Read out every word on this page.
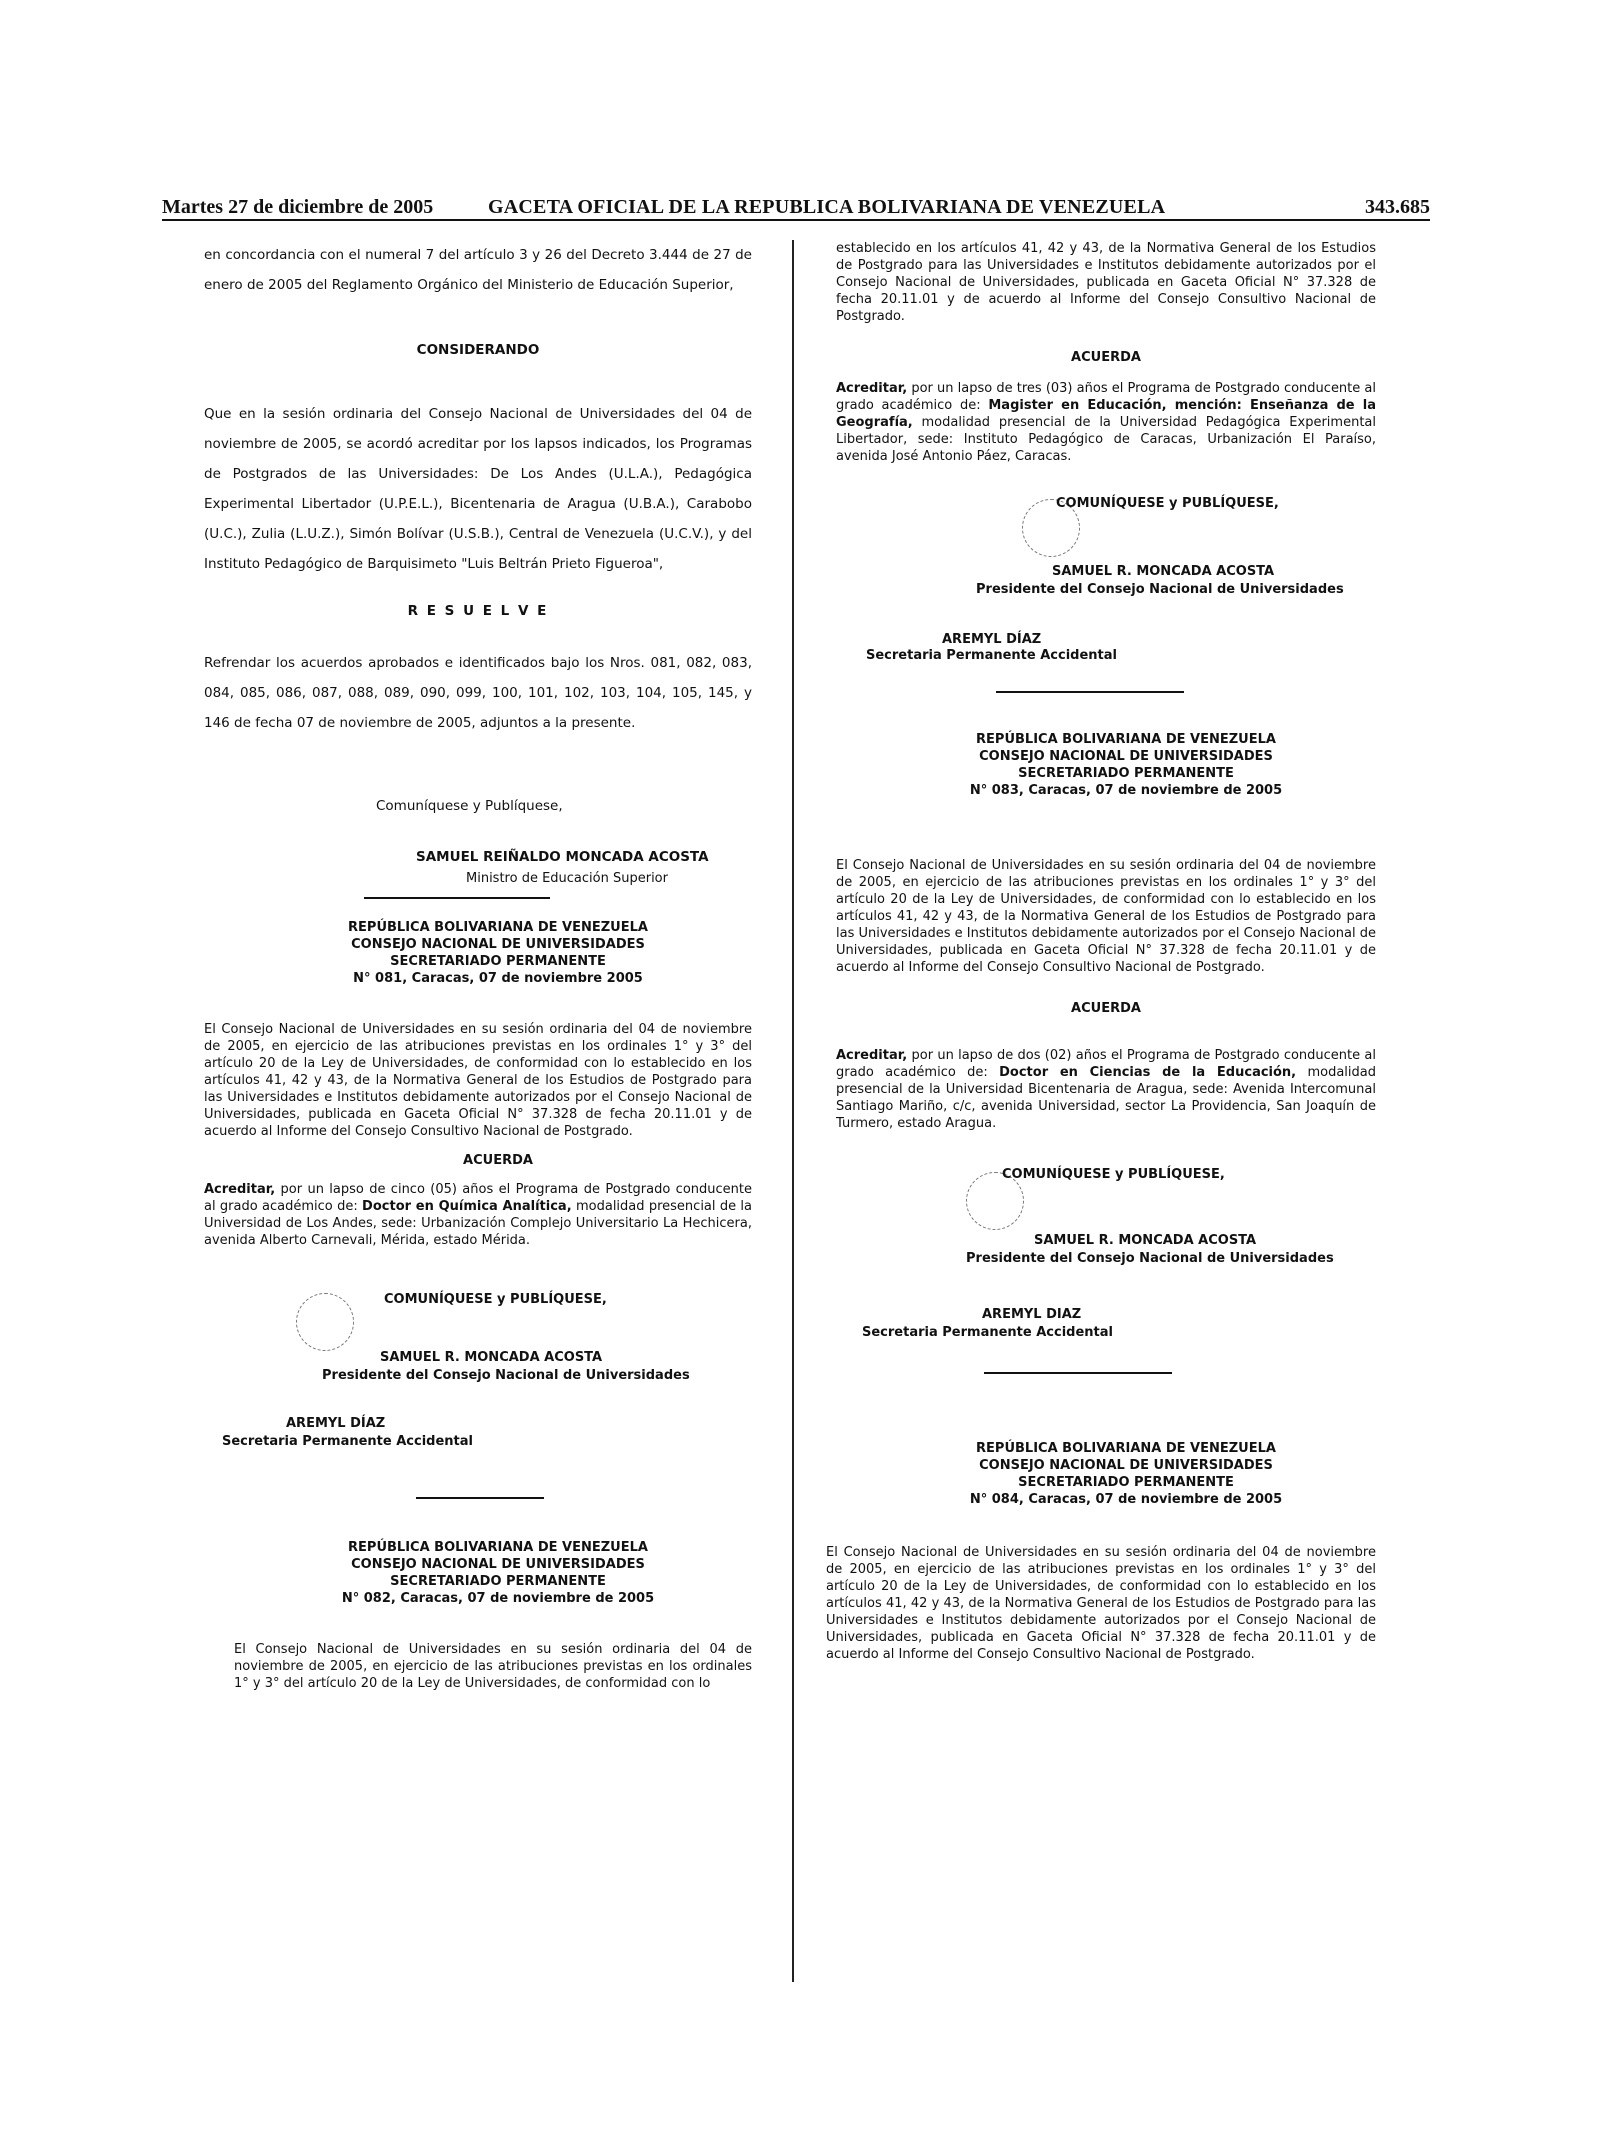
Martes 27 de diciembre de 2005	GACETA OFICIAL DE LA REPUBLICA BOLIVARIANA DE VENEZUELA	343.685

en concordancia con el numeral 7 del artículo 3 y 26 del Decreto 3.444 de 27 de enero de 2005 del Reglamento Orgánico del Ministerio de Educación Superior,

CONSIDERANDO

Que en la sesión ordinaria del Consejo Nacional de Universidades del 04 de noviembre de 2005, se acordó acreditar por los lapsos indicados, los Programas de Postgrados de las Universidades: De Los Andes (U.L.A.), Pedagógica Experimental Libertador (U.P.E.L.), Bicentenaria de Aragua (U.B.A.), Carabobo (U.C.), Zulia (L.U.Z.), Simón Bolívar (U.S.B.), Central de Venezuela (U.C.V.), y del Instituto Pedagógico de Barquisimeto "Luis Beltrán Prieto Figueroa",

R E S U E L V E

Refrendar los acuerdos aprobados e identificados bajo los Nros. 081, 082, 083, 084, 085, 086, 087, 088, 089, 090, 099, 100, 101, 102, 103, 104, 105, 145, y 146 de fecha 07 de noviembre de 2005, adjuntos a la presente.

Comuníquese y Publíquese,
SAMUEL REIÑALDO MONCADA ACOSTA
Ministro de Educación Superior
REPÚBLICA BOLIVARIANA DE VENEZUELA
CONSEJO NACIONAL DE UNIVERSIDADES
SECRETARIADO PERMANENTE
N° 081, Caracas, 07 de noviembre 2005

El Consejo Nacional de Universidades en su sesión ordinaria del 04 de noviembre de 2005, en ejercicio de las atribuciones previstas en los ordinales 1° y 3° del artículo 20 de la Ley de Universidades, de conformidad con lo establecido en los artículos 41, 42 y 43, de la Normativa General de los Estudios de Postgrado para las Universidades e Institutos debidamente autorizados por el Consejo Nacional de Universidades, publicada en Gaceta Oficial N° 37.328 de fecha 20.11.01 y de acuerdo al Informe del Consejo Consultivo Nacional de Postgrado.

ACUERDA

Acreditar, por un lapso de cinco (05) años el Programa de Postgrado conducente al grado académico de: Doctor en Química Analítica, modalidad presencial de la Universidad de Los Andes, sede: Urbanización Complejo Universitario La Hechicera, avenida Alberto Carnevali, Mérida, estado Mérida.

COMUNÍQUESE y PUBLÍQUESE,
SAMUEL R. MONCADA ACOSTA
Presidente del Consejo Nacional de Universidades
AREMYL DÍAZ
Secretaria Permanente Accidental
REPÚBLICA BOLIVARIANA DE VENEZUELA
CONSEJO NACIONAL DE UNIVERSIDADES
SECRETARIADO PERMANENTE
N° 082, Caracas, 07 de noviembre de 2005

El Consejo Nacional de Universidades en su sesión ordinaria del 04 de noviembre de 2005, en ejercicio de las atribuciones previstas en los ordinales 1° y 3° del artículo 20 de la Ley de Universidades, de conformidad con lo

establecido en los artículos 41, 42 y 43, de la Normativa General de los Estudios de Postgrado para las Universidades e Institutos debidamente autorizados por el Consejo Nacional de Universidades, publicada en Gaceta Oficial N° 37.328 de fecha 20.11.01 y de acuerdo al Informe del Consejo Consultivo Nacional de Postgrado.

ACUERDA

Acreditar, por un lapso de tres (03) años el Programa de Postgrado conducente al grado académico de: Magister en Educación, mención: Enseñanza de la Geografía, modalidad presencial de la Universidad Pedagógica Experimental Libertador, sede: Instituto Pedagógico de Caracas, Urbanización El Paraíso, avenida José Antonio Páez, Caracas.

COMUNÍQUESE y PUBLÍQUESE,
SAMUEL R. MONCADA ACOSTA
Presidente del Consejo Nacional de Universidades
AREMYL DÍAZ
Secretaria Permanente Accidental
REPÚBLICA BOLIVARIANA DE VENEZUELA
CONSEJO NACIONAL DE UNIVERSIDADES
SECRETARIADO PERMANENTE
N° 083, Caracas, 07 de noviembre de 2005

El Consejo Nacional de Universidades en su sesión ordinaria del 04 de noviembre de 2005, en ejercicio de las atribuciones previstas en los ordinales 1° y 3° del artículo 20 de la Ley de Universidades, de conformidad con lo establecido en los artículos 41, 42 y 43, de la Normativa General de los Estudios de Postgrado para las Universidades e Institutos debidamente autorizados por el Consejo Nacional de Universidades, publicada en Gaceta Oficial N° 37.328 de fecha 20.11.01 y de acuerdo al Informe del Consejo Consultivo Nacional de Postgrado.

ACUERDA

Acreditar, por un lapso de dos (02) años el Programa de Postgrado conducente al grado académico de: Doctor en Ciencias de la Educación, modalidad presencial de la Universidad Bicentenaria de Aragua, sede: Avenida Intercomunal Santiago Mariño, c/c, avenida Universidad, sector La Providencia, San Joaquín de Turmero, estado Aragua.

COMUNÍQUESE y PUBLÍQUESE,
SAMUEL R. MONCADA ACOSTA
Presidente del Consejo Nacional de Universidades
AREMYL DIAZ
Secretaria Permanente Accidental
REPÚBLICA BOLIVARIANA DE VENEZUELA
CONSEJO NACIONAL DE UNIVERSIDADES
SECRETARIADO PERMANENTE
N° 084, Caracas, 07 de noviembre de 2005

El Consejo Nacional de Universidades en su sesión ordinaria del 04 de noviembre de 2005, en ejercicio de las atribuciones previstas en los ordinales 1° y 3° del artículo 20 de la Ley de Universidades, de conformidad con lo establecido en los artículos 41, 42 y 43, de la Normativa General de los Estudios de Postgrado para las Universidades e Institutos debidamente autorizados por el Consejo Nacional de Universidades, publicada en Gaceta Oficial N° 37.328 de fecha 20.11.01 y de acuerdo al Informe del Consejo Consultivo Nacional de Postgrado.
